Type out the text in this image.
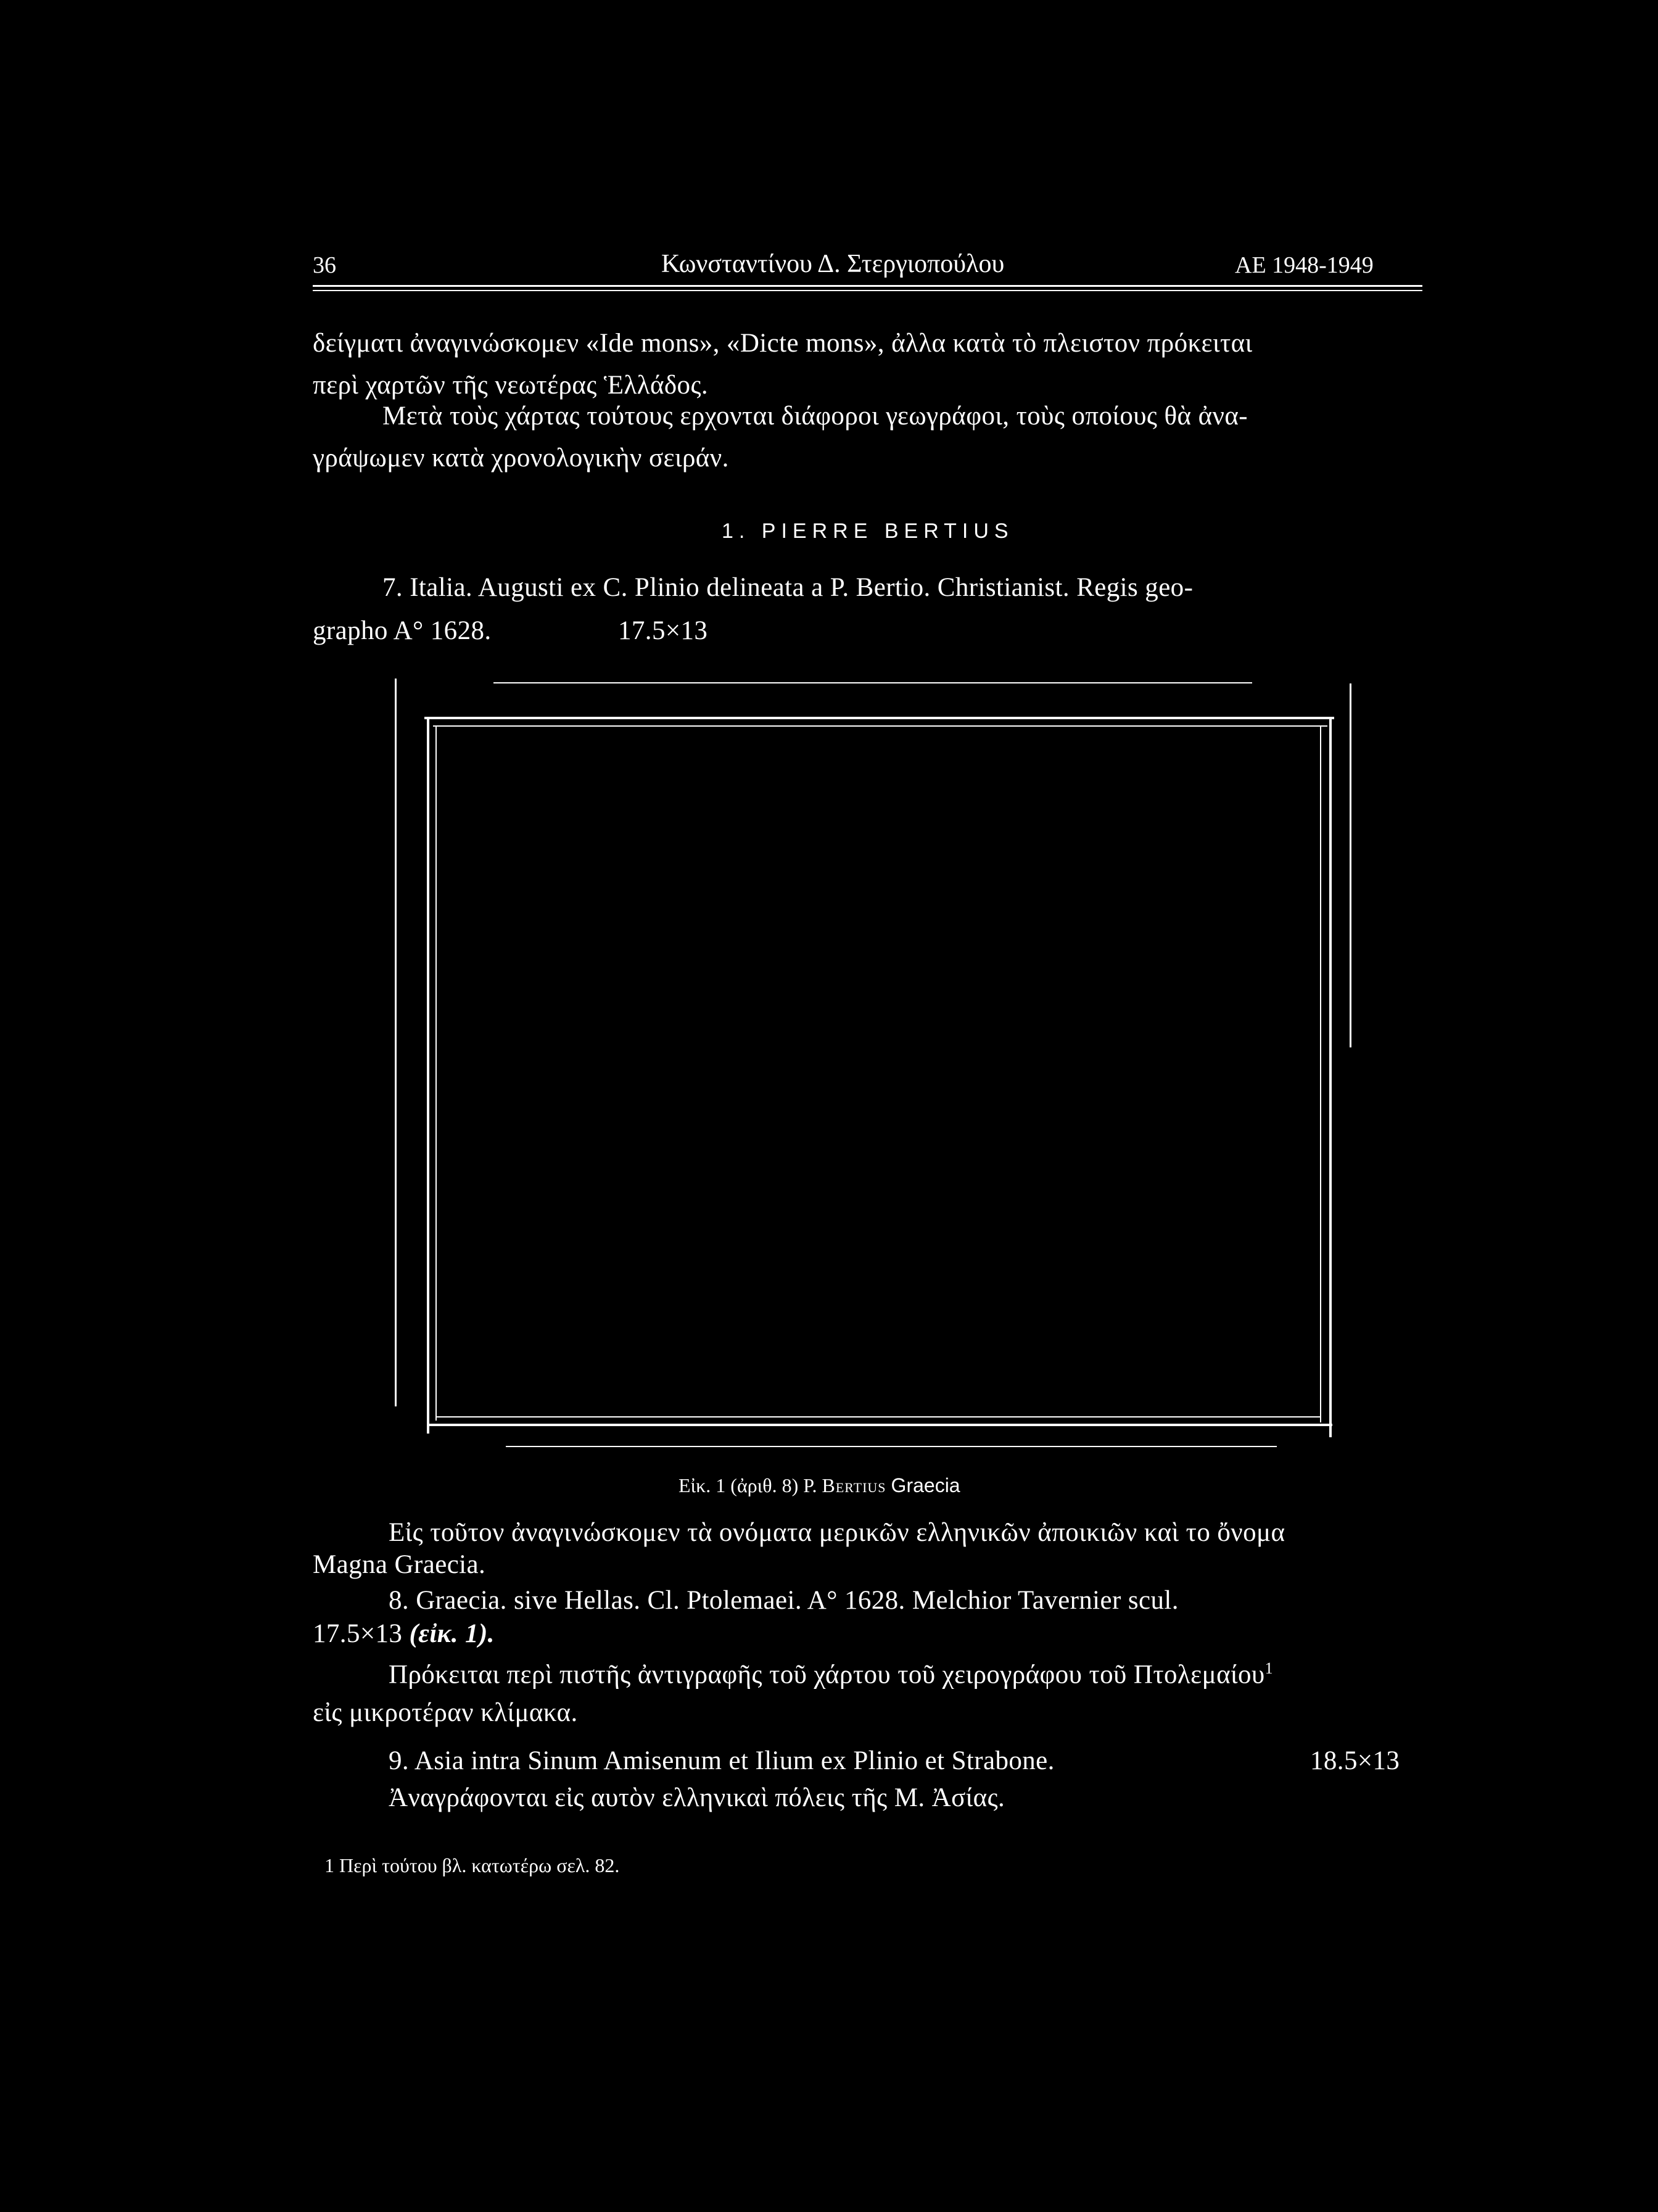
36	Κωνσταντίνου Δ. Στεργιοπούλου	ΑΕ 1948-1949
δείγματι ἀναγινώσκομεν «Ide mons», «Dicte mons», ἀλλα κατὰ τὸ πλειστον πρόκειται
περὶ χαρτῶν τῆς νεωτέρας Ἑλλάδος.
Μετὰ τοὺς χάρτας τούτους ερχονται διάφοροι γεωγράφοι, τοὺς οποίους θὰ ἀνα-
γράψωμεν κατὰ χρονολογικὴν σειράν.
1. PIERRE BERTIUS
7. Italia. Augusti ex C. Plinio delineata a P. Bertio. Christianist. Regis geo-
grapho A° 1628.	17.5×13
Εἰκ. 1 (ἀριθ. 8) P. Bertius Graecia
Εἰς τοῦτον ἀναγινώσκομεν τὰ ονόματα μερικῶν ελληνικῶν ἀποικιῶν καὶ το ὄνομα
Magna Graecia.
8. Graecia. sive Hellas. Cl. Ptolemaei. A° 1628. Melchior Tavernier scul.
17.5×13 (εἰκ. 1).
Πρόκειται περὶ πιστῆς ἀντιγραφῆς τοῦ χάρτου τοῦ χειρογράφου τοῦ Πτολεμαίου$^1$
εἰς μικροτέραν κλίμακα.
9. Asia intra Sinum Amisenum et Ilium ex Plinio et Strabone.	18.5×13
Ἀναγράφονται εἰς αυτὸν ελληνικαὶ πόλεις τῆς Μ. Ἀσίας.
1 Περὶ τούτου βλ. κατωτέρω σελ. 82.
